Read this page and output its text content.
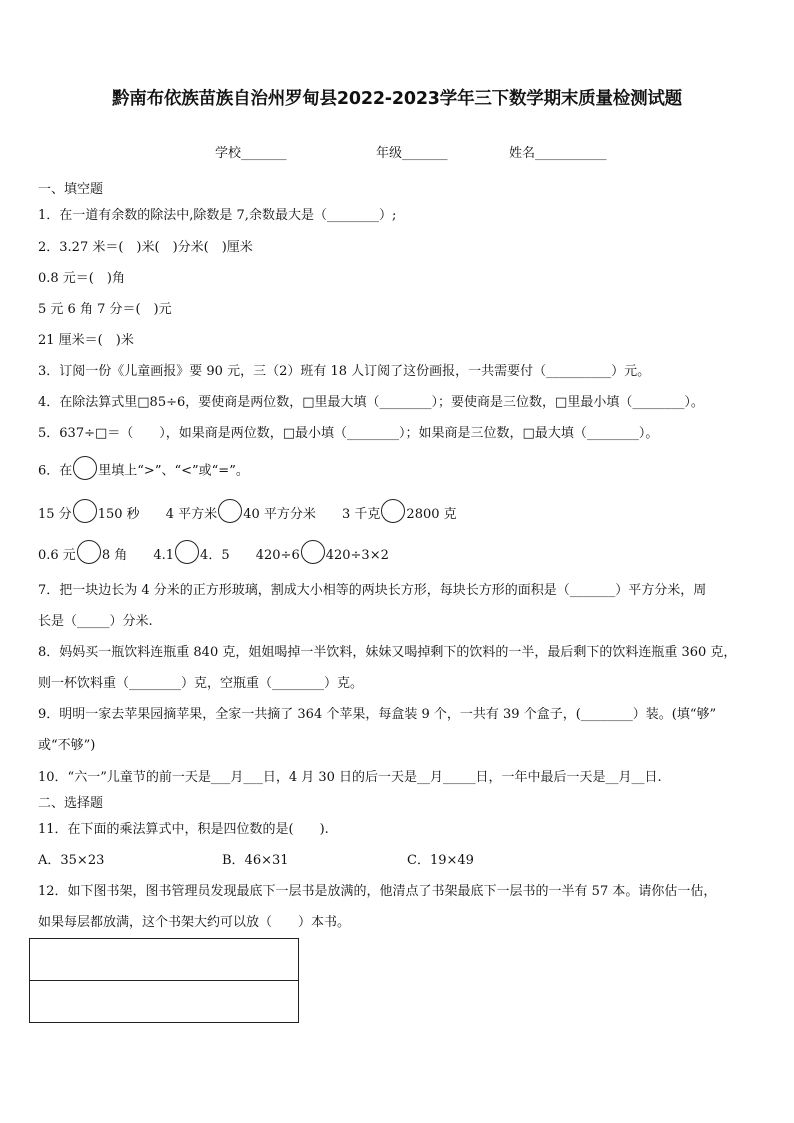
黔南布依族苗族自治州罗甸县2022-2023学年三下数学期末质量检测试题
学校_______	年级_______	姓名___________
一、填空题
1．在一道有余数的除法中,除数是 7,余数最大是（________）;
2．3.27 米＝(　)米(　)分米(　)厘米
0.8 元＝(　)角
5 元 6 角 7 分＝(　)元
21 厘米＝(　)米
3．订阅一份《儿童画报》要 90 元，三（2）班有 18 人订阅了这份画报，一共需要付（__________）元。
4．在除法算式里□85÷6，要使商是两位数，□里最大填（________）；要使商是三位数，□里最小填（________）。
5．637÷□＝（　　），如果商是两位数，□最小填（________）；如果商是三位数，□最大填（________）。
6．在 里填上“>”、“<”或“=”。
15 分 150 秒 4 平方米 40 平方分米 3 千克 2800 克
0.6 元 8 角 4.1 4．5 420÷6 420÷3×2
7．把一块边长为 4 分米的正方形玻璃，割成大小相等的两块长方形，每块长方形的面积是（_______）平方分米，周
长是（_____）分米.
8．妈妈买一瓶饮料连瓶重 840 克，姐姐喝掉一半饮料，妹妹又喝掉剩下的饮料的一半，最后剩下的饮料连瓶重 360 克，
则一杯饮料重（________）克，空瓶重（________）克。
9．明明一家去苹果园摘苹果，全家一共摘了 364 个苹果，每盒装 9 个，一共有 39 个盒子，(________）装。(填“够”
或“不够”)
10．“六一”儿童节的前一天是___月___日，4 月 30 日的后一天是__月_____日，一年中最后一天是__月__日.
二、选择题
11．在下面的乘法算式中，积是四位数的是(　　).
A．35×23	B．46×31	C．19×49
12．如下图书架，图书管理员发现最底下一层书是放满的，他清点了书架最底下一层书的一半有 57 本。请你估一估，
如果每层都放满，这个书架大约可以放（　　）本书。
